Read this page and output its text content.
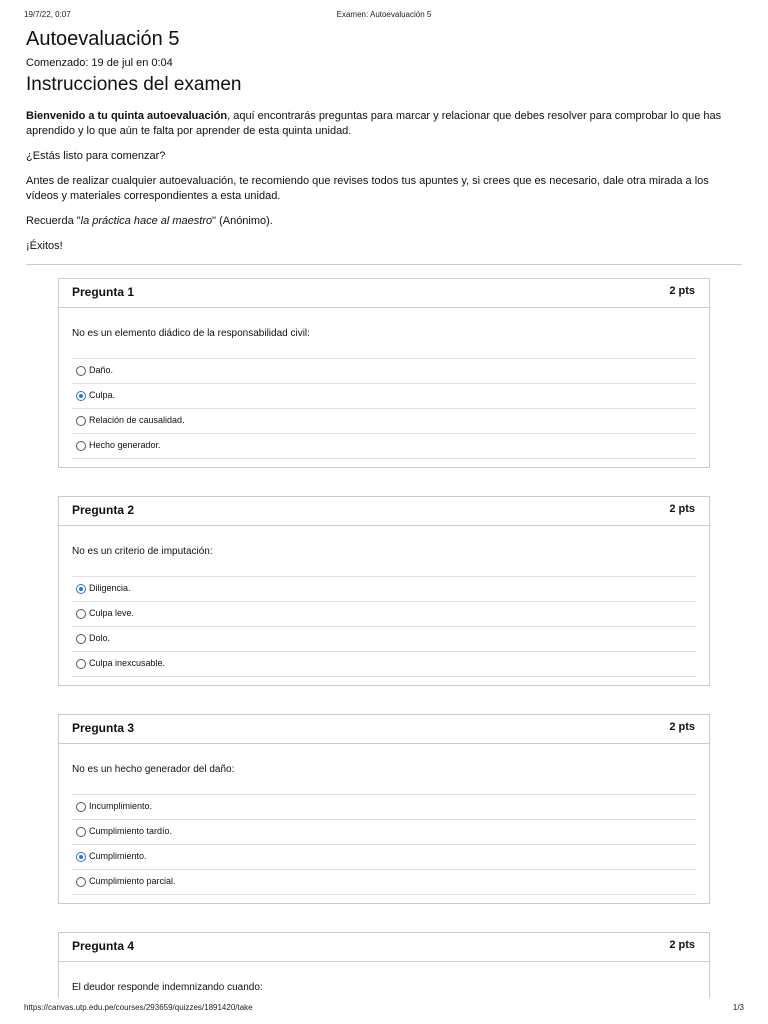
19/7/22, 0:07	Examen: Autoevaluación 5
Autoevaluación 5
Comenzado: 19 de jul en 0:04
Instrucciones del examen

Bienvenido a tu quinta autoevaluación, aquí encontrarás preguntas para marcar y relacionar que debes resolver para comprobar lo que has aprendido y lo que aún te falta por aprender de esta quinta unidad.

¿Estás listo para comenzar?

Antes de realizar cualquier autoevaluación, te recomiendo que revises todos tus apuntes y, si crees que es necesario, dale otra mirada a los vídeos y materiales correspondientes a esta unidad.

Recuerda "la práctica hace al maestro" (Anónimo).

¡Éxitos!

Pregunta 1	2 pts
No es un elemento diádico de la responsabilidad civil:
Daño.
Culpa.
Relación de causalidad.
Hecho generador.
Pregunta 2	2 pts
No es un criterio de imputación:
Diligencia.
Culpa leve.
Dolo.
Culpa inexcusable.
Pregunta 3	2 pts
No es un hecho generador del daño:
Incumplimiento.
Cumplimiento tardío.
Cumplimiento.
Cumplimiento parcial.
Pregunta 4	2 pts
El deudor responde indemnizando cuando:
https://canvas.utp.edu.pe/courses/293659/quizzes/1891420/take	1/3
